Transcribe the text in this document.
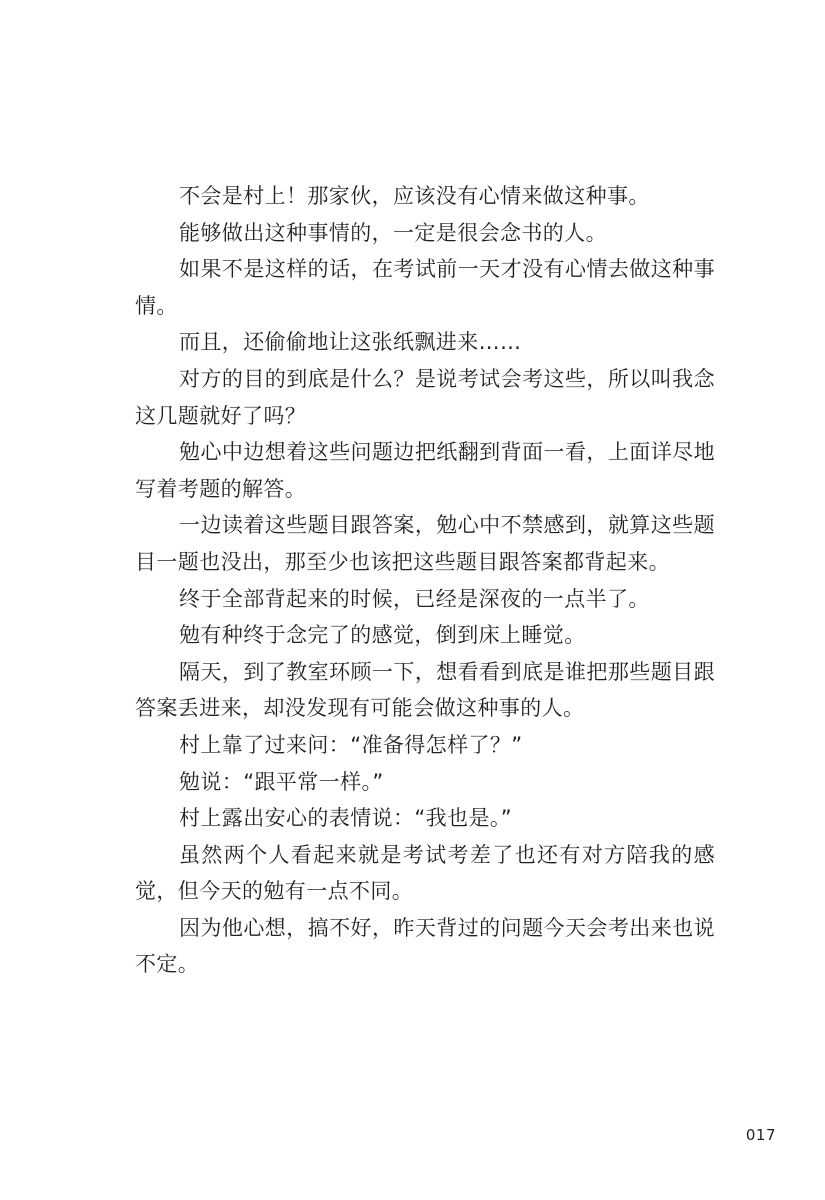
不会是村上！那家伙，应该没有心情来做这种事。

能够做出这种事情的，一定是很会念书的人。

如果不是这样的话，在考试前一天才没有心情去做这种事情。

而且，还偷偷地让这张纸飘进来……

对方的目的到底是什么？是说考试会考这些，所以叫我念这几题就好了吗？

勉心中边想着这些问题边把纸翻到背面一看，上面详尽地写着考题的解答。

一边读着这些题目跟答案，勉心中不禁感到，就算这些题目一题也没出，那至少也该把这些题目跟答案都背起来。

终于全部背起来的时候，已经是深夜的一点半了。

勉有种终于念完了的感觉，倒到床上睡觉。

隔天，到了教室环顾一下，想看看到底是谁把那些题目跟答案丢进来，却没发现有可能会做这种事的人。

村上靠了过来问：“准备得怎样了？”

勉说：“跟平常一样。”

村上露出安心的表情说：“我也是。”

虽然两个人看起来就是考试考差了也还有对方陪我的感觉，但今天的勉有一点不同。

因为他心想，搞不好，昨天背过的问题今天会考出来也说不定。

017
